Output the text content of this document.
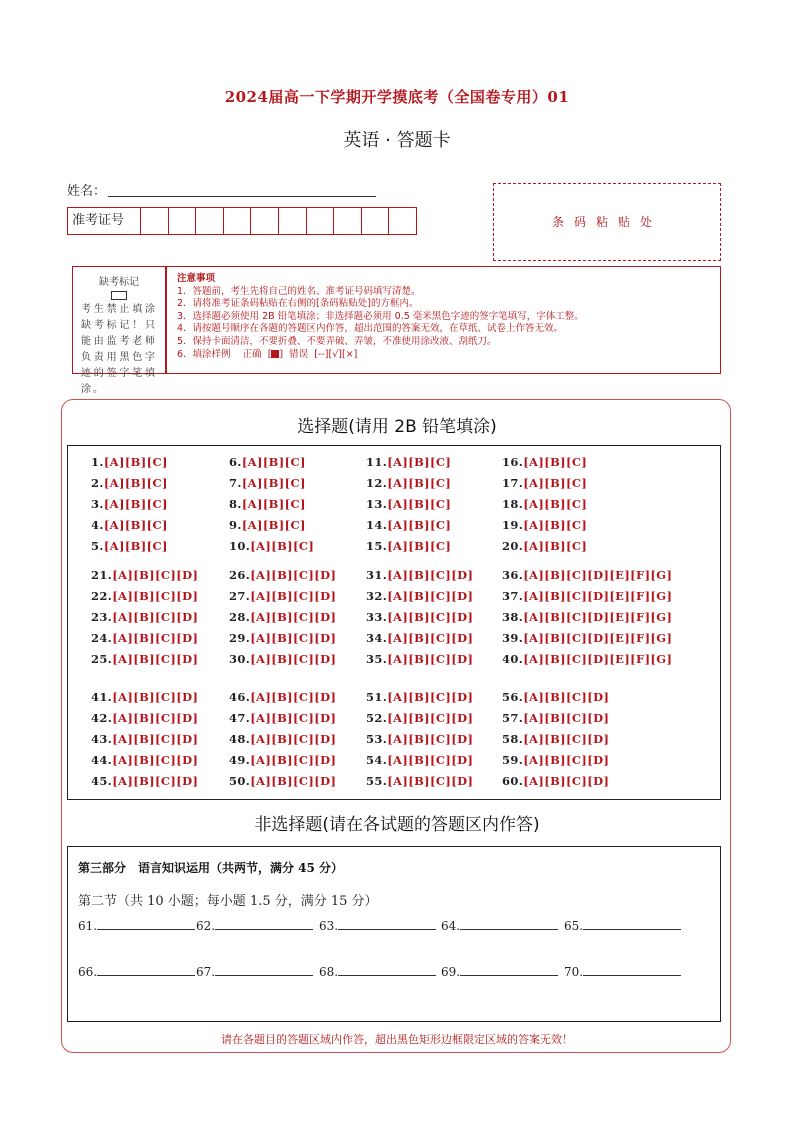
2024届高一下学期开学摸底考（全国卷专用）01
英语 · 答题卡
姓名：
准考证号	条码粘贴处
缺考标记
考生禁止填涂缺考标记！只能由监考老师负责用黑色字迹的签字笔填涂。
注意事项
1．答题前，考生先将自己的姓名、准考证号码填写清楚。
2．请将准考证条码粘贴在右侧的[条码粘贴处]的方框内。
3．选择题必须使用 2B 铅笔填涂；非选择题必须用 0.5 毫米黑色字迹的签字笔填写，字体工整。
4．请按题号顺序在各题的答题区内作答，超出范围的答案无效，在草纸、试卷上作答无效。
5．保持卡面清洁，不要折叠、不要弄破、弄皱，不准使用涂改液、刮纸刀。
6．填涂样例 正确  [ ]  错误 [--][√][×]
选择题(请用 2B 铅笔填涂)
1.[A][B][C]
2.[A][B][C]
3.[A][B][C]
4.[A][B][C]
5.[A][B][C]
6.[A][B][C]
7.[A][B][C]
8.[A][B][C]
9.[A][B][C]
10.[A][B][C]
11.[A][B][C]
12.[A][B][C]
13.[A][B][C]
14.[A][B][C]
15.[A][B][C]
16.[A][B][C]
17.[A][B][C]
18.[A][B][C]
19.[A][B][C]
20.[A][B][C]
21.[A][B][C][D]
22.[A][B][C][D]
23.[A][B][C][D]
24.[A][B][C][D]
25.[A][B][C][D]
26.[A][B][C][D]
27.[A][B][C][D]
28.[A][B][C][D]
29.[A][B][C][D]
30.[A][B][C][D]
31.[A][B][C][D]
32.[A][B][C][D]
33.[A][B][C][D]
34.[A][B][C][D]
35.[A][B][C][D]
36.[A][B][C][D][E][F][G]
37.[A][B][C][D][E][F][G]
38.[A][B][C][D][E][F][G]
39.[A][B][C][D][E][F][G]
40.[A][B][C][D][E][F][G]
41.[A][B][C][D]
42.[A][B][C][D]
43.[A][B][C][D]
44.[A][B][C][D]
45.[A][B][C][D]
46.[A][B][C][D]
47.[A][B][C][D]
48.[A][B][C][D]
49.[A][B][C][D]
50.[A][B][C][D]
51.[A][B][C][D]
52.[A][B][C][D]
53.[A][B][C][D]
54.[A][B][C][D]
55.[A][B][C][D]
56.[A][B][C][D]
57.[A][B][C][D]
58.[A][B][C][D]
59.[A][B][C][D]
60.[A][B][C][D]
非选择题(请在各试题的答题区内作答)
第三部分　语言知识运用（共两节，满分 45 分）
第二节（共 10 小题；每小题 1.5 分，满分 15 分）
61.	62.	63.	64.	65.
66.	67.	68.	69.	70.
请在各题目的答题区域内作答，超出黑色矩形边框限定区域的答案无效！
